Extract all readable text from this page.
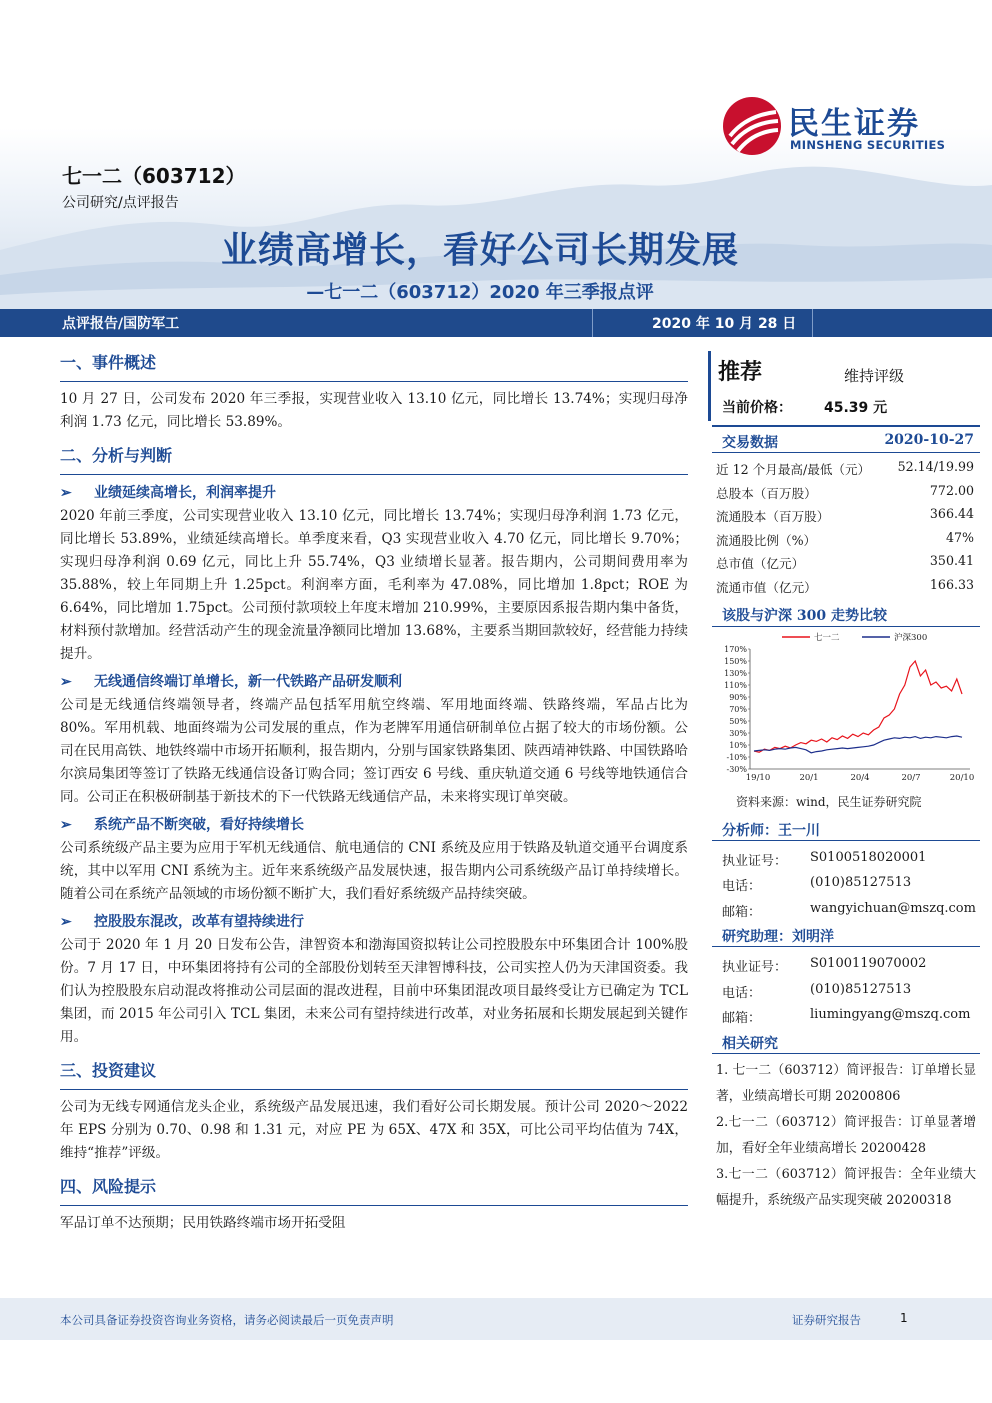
民生证券
MINSHENG SECURITIES
七一二（603712）
公司研究/点评报告
业绩高增长，看好公司长期发展
—七一二（603712）2020 年三季报点评
点评报告/国防军工	2020 年 10 月 28 日
一、事件概述
10 月 27 日，公司发布 2020 年三季报，实现营业收入 13.10 亿元，同比增长 13.74%；实现归母净利润 1.73 亿元，同比增长 53.89%。
二、分析与判断
➢ 业绩延续高增长，利润率提升
2020 年前三季度，公司实现营业收入 13.10 亿元，同比增长 13.74%；实现归母净利润 1.73 亿元，同比增长 53.89%，业绩延续高增长。单季度来看，Q3 实现营业收入 4.70 亿元，同比增长 9.70%；实现归母净利润 0.69 亿元，同比上升 55.74%，Q3 业绩增长显著。报告期内，公司期间费用率为 35.88%，较上年同期上升 1.25pct。利润率方面，毛利率为 47.08%，同比增加 1.8pct；ROE 为 6.64%，同比增加 1.75pct。公司预付款项较上年度末增加 210.99%，主要原因系报告期内集中备货，材料预付款增加。经营活动产生的现金流量净额同比增加 13.68%，主要系当期回款较好，经营能力持续提升。
➢ 无线通信终端订单增长，新一代铁路产品研发顺利
公司是无线通信终端领导者，终端产品包括军用航空终端、军用地面终端、铁路终端，军品占比为 80%。军用机载、地面终端为公司发展的重点，作为老牌军用通信研制单位占据了较大的市场份额。公司在民用高铁、地铁终端中市场开拓顺利，报告期内，分别与国家铁路集团、陕西靖神铁路、中国铁路哈尔滨局集团等签订了铁路无线通信设备订购合同；签订西安 6 号线、重庆轨道交通 6 号线等地铁通信合同。公司正在积极研制基于新技术的下一代铁路无线通信产品，未来将实现订单突破。
➢ 系统产品不断突破，看好持续增长
公司系统级产品主要为应用于军机无线通信、航电通信的 CNI 系统及应用于铁路及轨道交通平台调度系统，其中以军用 CNI 系统为主。近年来系统级产品发展快速，报告期内公司系统级产品订单持续增长。随着公司在系统产品领域的市场份额不断扩大，我们看好系统级产品持续突破。
➢ 控股股东混改，改革有望持续进行
公司于 2020 年 1 月 20 日发布公告，津智资本和渤海国资拟转让公司控股股东中环集团合计 100%股份。7 月 17 日，中环集团将持有公司的全部股份划转至天津智博科技，公司实控人仍为天津国资委。我们认为控股股东启动混改将推动公司层面的混改进程，目前中环集团混改项目最终受让方已确定为 TCL 集团，而 2015 年公司引入 TCL 集团，未来公司有望持续进行改革，对业务拓展和长期发展起到关键作用。
三、投资建议
公司为无线专网通信龙头企业，系统级产品发展迅速，我们看好公司长期发展。预计公司 2020～2022 年 EPS 分别为 0.70、0.98 和 1.31 元，对应 PE 为 65X、47X 和 35X，可比公司平均估值为 74X，维持“推荐”评级。
四、风险提示
军品订单不达预期；民用铁路终端市场开拓受阻
推荐	维持评级
当前价格： 45.39 元
交易数据	2020-10-27
近 12 个月最高/最低（元） 52.14/19.99
总股本（百万股）	772.00
流通股本（百万股）	366.44
流通股比例（%）	47%
总市值（亿元）	350.41
流通市值（亿元）	166.33
该股与沪深 300 走势比较
170%
150%
130%
110%
90%
70%
50%
30%
10%
-10%
-30%
19/10	20/1	20/4	20/7	20/10
七一二	沪深300
资料来源：wind，民生证券研究院
分析师：王一川
执业证号： S0100518020001
电话：	(010)85127513
邮箱：	wangyichuan@mszq.com
研究助理：刘明洋
执业证号： S0100119070002
电话：	(010)85127513
邮箱：	liumingyang@mszq.com
相关研究
1. 七一二（603712）简评报告：订单增长显著，业绩高增长可期 20200806
2.七一二（603712）简评报告：订单显著增加，看好全年业绩高增长 20200428
3.七一二（603712）简评报告：全年业绩大幅提升，系统级产品实现突破 20200318
本公司具备证券投资咨询业务资格，请务必阅读最后一页免责声明	证券研究报告	1
